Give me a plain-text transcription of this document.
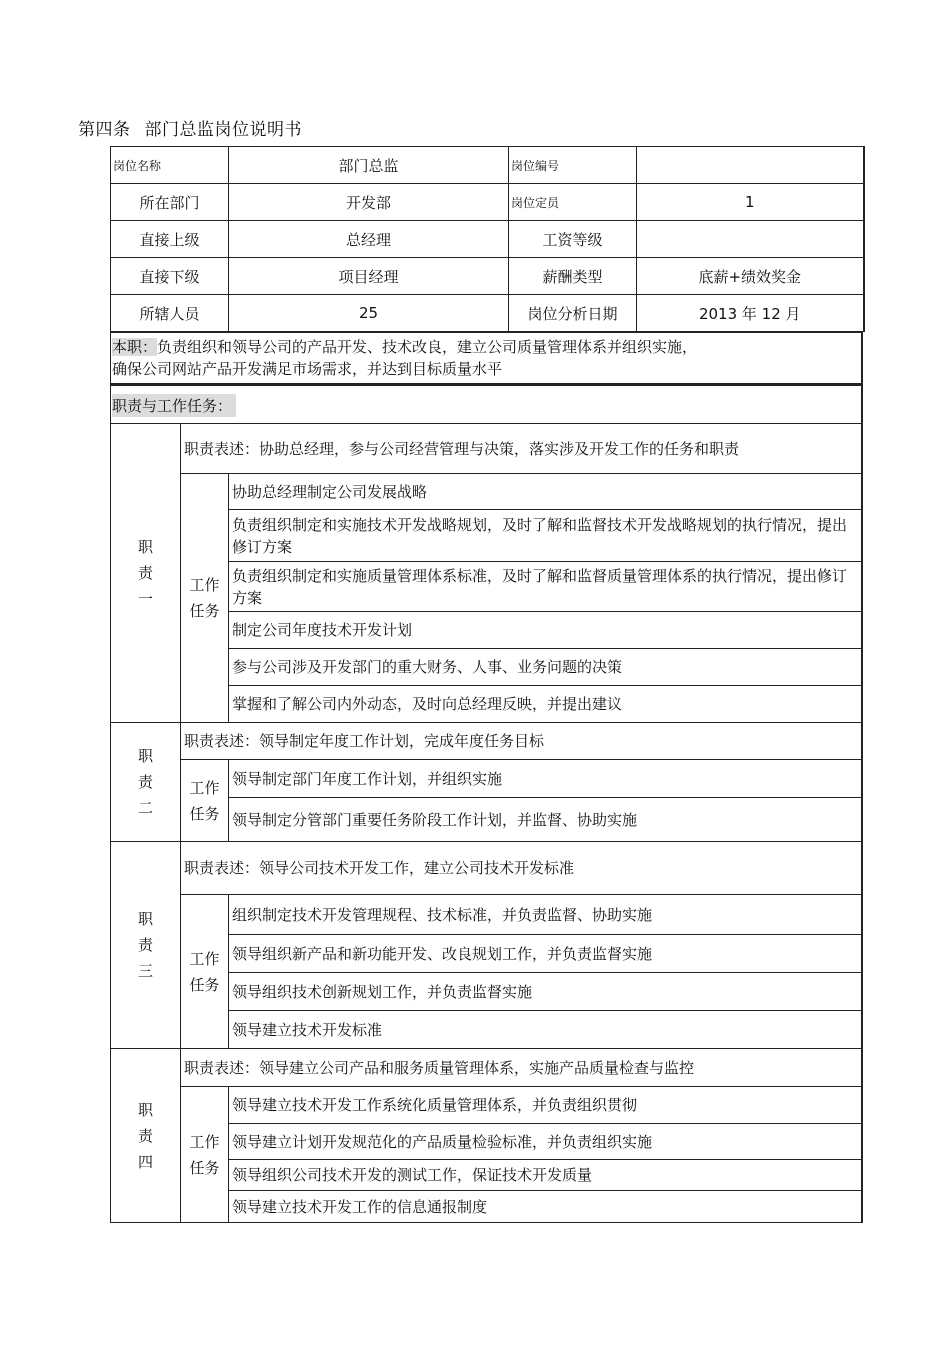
第四条 部门总监岗位说明书
岗位名称	部门总监	岗位编号	
所在部门	开发部	岗位定员	1
直接上级	总经理	工资等级	
直接下级	项目经理	薪酬类型	底薪+绩效奖金
所辖人员	25	岗位分析日期	2013 年 12 月
本职：负责组织和领导公司的产品开发、技术改良，建立公司质量管理体系并组织实施，
确保公司网站产品开发满足市场需求，并达到目标质量水平
职责与工作任务：
职
责
一	职责表述：协助总经理，参与公司经营管理与决策，落实涉及开发工作的任务和职责	

	工作
任务	协助总经理制定公司发展战略
		负责组织制定和实施技术开发战略规划，及时了解和监督技术开发战略规划的执行情况，提出修订方案
		负责组织制定和实施质量管理体系标准，及时了解和监督质量管理体系的执行情况，提出修订方案
		制定公司年度技术开发计划
		参与公司涉及开发部门的重大财务、人事、业务问题的决策
		掌握和了解公司内外动态，及时向总经理反映，并提出建议
职
责
二	职责表述：领导制定年度工作计划，完成年度任务目标	

	工作
任务	领导制定部门年度工作计划，并组织实施
		领导制定分管部门重要任务阶段工作计划，并监督、协助实施
职
责
三	职责表述：领导公司技术开发工作，建立公司技术开发标准	

	工作
任务	组织制定技术开发管理规程、技术标准，并负责监督、协助实施
		领导组织新产品和新功能开发、改良规划工作，并负责监督实施
		领导组织技术创新规划工作，并负责监督实施
		领导建立技术开发标准
职
责
四	职责表述：领导建立公司产品和服务质量管理体系，实施产品质量检查与监控	

	工作
任务	领导建立技术开发工作系统化质量管理体系，并负责组织贯彻
		领导建立计划开发规范化的产品质量检验标准，并负责组织实施
		领导组织公司技术开发的测试工作，保证技术开发质量
		领导建立技术开发工作的信息通报制度
